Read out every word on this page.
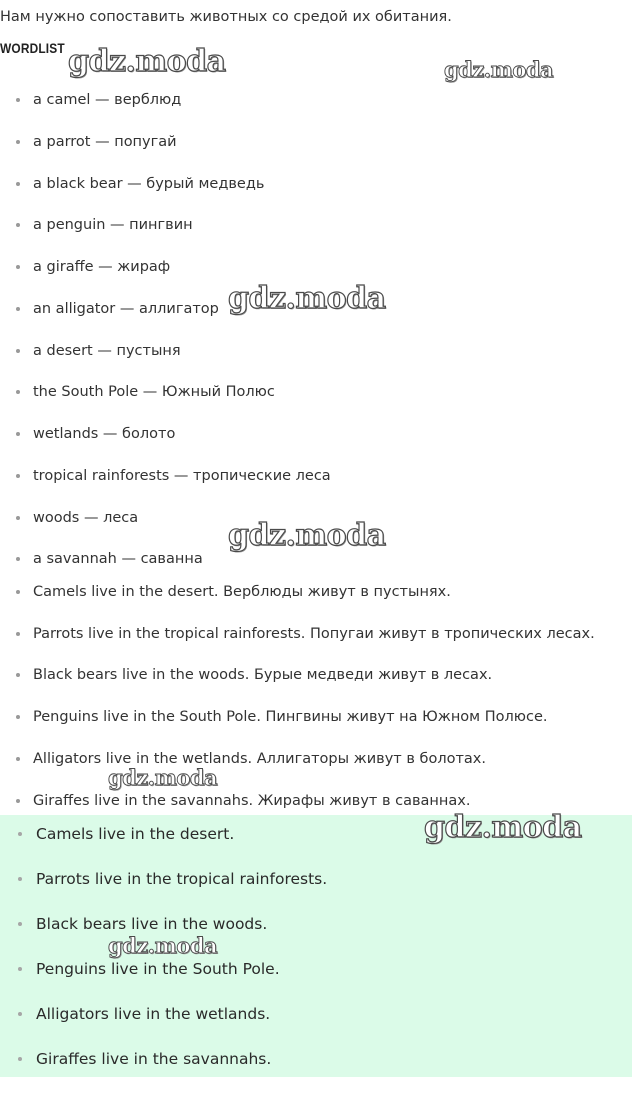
Нам нужно сопоставить животных со средой их обитания.
WORDLIST
a camel — верблюд
a parrot — попугай
a black bear — бурый медведь
a penguin — пингвин
a giraffe — жираф
an alligator — аллигатор
a desert — пустыня
the South Pole — Южный Полюс
wetlands — болото
tropical rainforests — тропические леса
woods — леса
a savannah — саванна
Camels live in the desert. Верблюды живут в пустынях.
Parrots live in the tropical rainforests. Попугаи живут в тропических лесах.
Black bears live in the woods. Бурые медведи живут в лесах.
Penguins live in the South Pole. Пингвины живут на Южном Полюсе.
Alligators live in the wetlands. Аллигаторы живут в болотах.
Giraffes live in the savannahs. Жирафы живут в саваннах.
Camels live in the desert.
Parrots live in the tropical rainforests.
Black bears live in the woods.
Penguins live in the South Pole.
Alligators live in the wetlands.
Giraffes live in the savannahs.
gdz.moda	gdz.moda
gdz.moda
gdz.moda
gdz.moda
gdz.moda
gdz.moda
